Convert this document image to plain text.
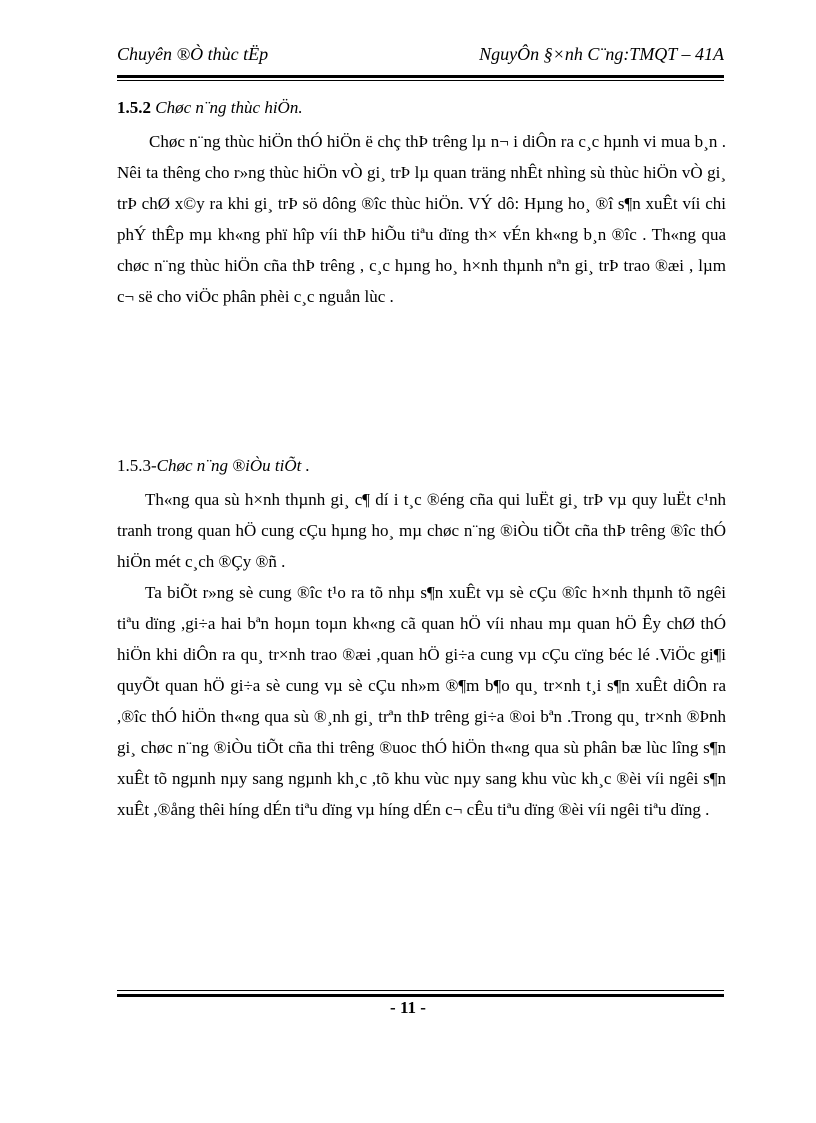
Chuyên ®Ò thùc tËp	NguyÔn §×nh C¨ng:TMQT – 41A
1.5.2 Chøc n¨ng thùc hiÖn.

Chøc n¨ng thùc hiÖn thÓ hiÖn ë chç thÞ trêng lµ n¬ i diÔn ra c¸c hµnh vi mua b¸n . Nêi ta thêng cho r»ng thùc hiÖn vÒ gi¸ trÞ lµ quan träng nhÊt nhìng sù thùc hiÖn vÒ gi¸ trÞ chØ x©y ra khi gi¸ trÞ sö dông ®îc thùc hiÖn. VÝ dô: Hµng ho¸ ®î s¶n xuÊt víi chi phÝ thÊp mµ kh«ng phï hîp víi thÞ hiÕu tiªu dïng th× vÉn kh«ng b¸n ®îc . Th«ng qua chøc n¨ng thùc hiÖn cña thÞ trêng , c¸c hµng ho¸ h×nh thµnh nªn gi¸ trÞ trao ®æi , lµm c¬ së cho viÖc phân phèi c¸c nguån lùc .

1.5.3-Chøc n¨ng ®iÒu tiÕt .

Th«ng qua sù h×nh thµnh gi¸ c¶ dí i t¸c ®éng cña qui luËt gi¸ trÞ vµ quy luËt c¹nh tranh trong quan hÖ cung cÇu hµng ho¸ mµ chøc n¨ng ®iÒu tiÕt cña thÞ trêng ®îc thÓ hiÖn mét c¸ch ®Çy ®ñ .

Ta biÕt r»ng sè cung ®îc t¹o ra tõ nhµ s¶n xuÊt vµ sè cÇu ®îc h×nh thµnh tõ ngêi tiªu dïng ,gi÷a hai bªn hoµn toµn kh«ng cã quan hÖ víi nhau mµ quan hÖ Êy chØ thÓ hiÖn khi diÔn ra qu¸ tr×nh trao ®æi ,quan hÖ gi÷a cung vµ cÇu cïng béc lé .ViÖc gi¶i quyÕt quan hÖ gi÷a sè cung vµ sè cÇu nh»m ®¶m b¶o qu¸ tr×nh t¸i s¶n xuÊt diÔn ra ,®îc thÓ hiÖn th«ng qua sù ®¸nh gi¸ trªn thÞ trêng gi÷a ®oi bªn .Trong qu¸ tr×nh ®Þnh gi¸ chøc n¨ng ®iÒu tiÕt cña thi trêng ®uoc thÓ hiÖn th«ng qua sù phân bæ lùc lîng s¶n xuÊt tõ ngµnh nµy sang ngµnh kh¸c ,tõ khu vùc nµy sang khu vùc kh¸c ®èi víi ngêi s¶n xuÊt ,®ång thêi híng dÉn tiªu dïng vµ híng dÉn c¬ cÊu tiªu dïng ®èi víi ngêi tiªu dïng .

- 11 -
